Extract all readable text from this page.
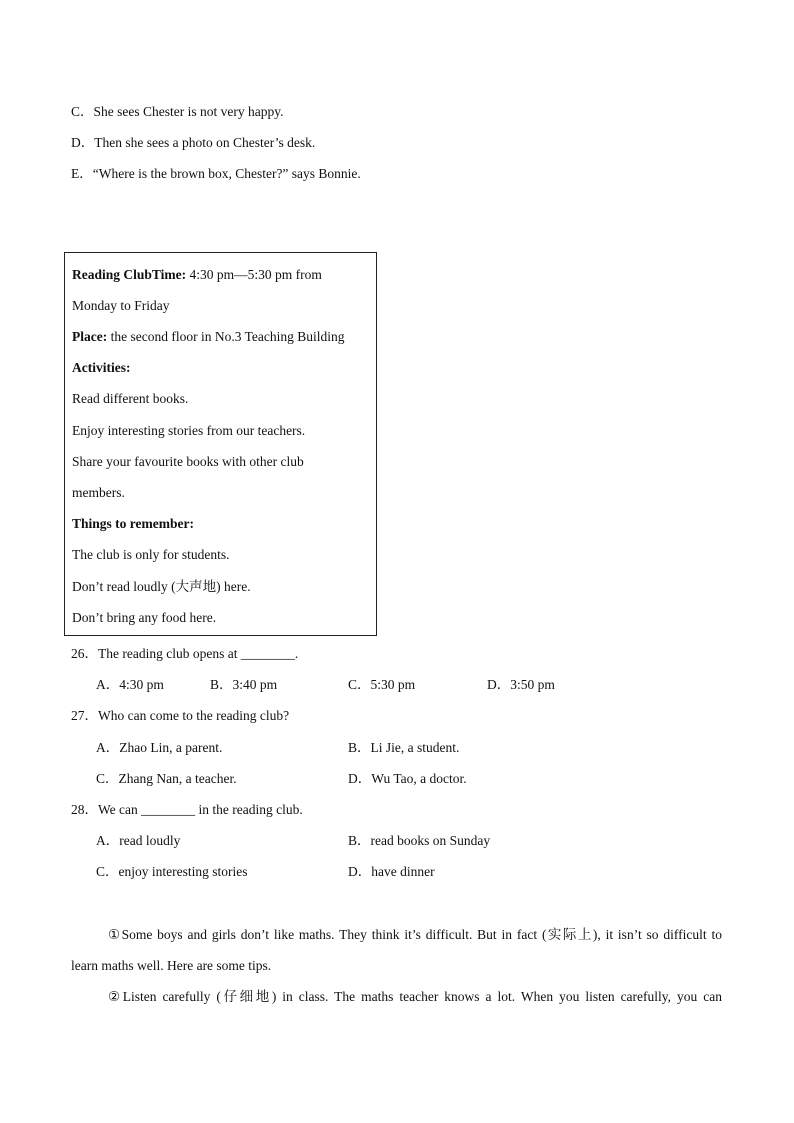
C．She sees Chester is not very happy.
D．Then she sees a photo on Chester’s desk.
E．“Where is the brown box, Chester?” says Bonnie.
Reading ClubTime: 4:30 pm—5:30 pm from
Monday to Friday
Place: the second floor in No.3 Teaching Building
Activities:
Read different books.
Enjoy interesting stories from our teachers.
Share your favourite books with other club
members.
Things to remember:
The club is only for students.
Don’t read loudly (大声地) here.
Don’t bring any food here.
26．The reading club opens at ________.
A．4:30 pm	B．3:40 pm	C．5:30 pm	D．3:50 pm
27．Who can come to the reading club?
A．Zhao Lin, a parent.	B．Li Jie, a student.
C．Zhang Nan, a teacher.	D．Wu Tao, a doctor.
28．We can ________ in the reading club.
A．read loudly	B．read books on Sunday
C．enjoy interesting stories	D．have dinner
①Some boys and girls don’t like maths. They think it’s difficult. But in fact (实际上), it isn’t so difficult to
learn maths well. Here are some tips.
②Listen carefully (仔细地) in class. The maths teacher knows a lot. When you listen carefully, you can
